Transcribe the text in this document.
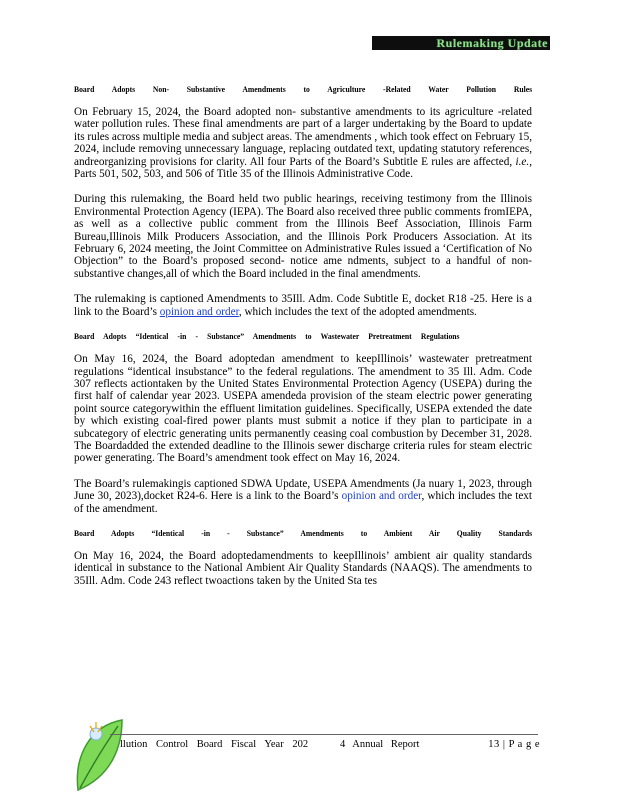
Rulemaking Update
Board Adopts Non- Substantive Amendments to Agriculture -Related Water Pollution Rules

On February 15, 2024, the Board adopted non- substantive amendments to its agriculture -related water pollution rules. These final amendments are part of a larger undertaking by the Board to update its rules across multiple media and subject areas. The amendments , which took effect on February 15, 2024, include removing unnecessary language, replacing outdated text, updating statutory references, andreorganizing provisions for clarity. All four Parts of the Board’s Subtitle E rules are affected, i.e., Parts 501, 502, 503, and 506 of Title 35 of the Illinois Administrative Code.

During this rulemaking, the Board held two public hearings, receiving testimony from the Illinois Environmental Protection Agency (IEPA). The Board also received three public comments fromIEPA, as well as a collective public comment from the Illinois Beef Association, Illinois Farm Bureau,Illinois Milk Producers Association, and the Illinois Pork Producers Association. At its February 6, 2024 meeting, the Joint Committee on Administrative Rules issued a ‘Certification of No Objection” to the Board’s proposed second- notice ame ndments, subject to a handful of non-substantive changes,all of which the Board included in the final amendments.

The rulemaking is captioned Amendments to 35Ill. Adm. Code Subtitle E, docket R18 -25. Here is a link to the Board’s opinion and order, which includes the text of the adopted amendments.

Board Adopts “Identical -in - Substance” Amendments to Wastewater Pretreatment Regulations

On May 16, 2024, the Board adoptedan amendment to keepIllinois’ wastewater pretreatment regulations “identical insubstance” to the federal regulations. The amendment to 35 Ill. Adm. Code 307 reflects actiontaken by the United States Environmental Protection Agency (USEPA) during the first half of calendar year 2023. USEPA amendeda provision of the steam electric power generating point source categorywithin the effluent limitation guidelines. Specifically, USEPA extended the date by which existing coal-fired power plants must submit a notice if they plan to participate in a subcategory of electric generating units permanently ceasing coal combustion by December 31, 2028. The Boardadded the extended deadline to the Illinois sewer discharge criteria rules for steam electric power generating. The Board’s amendment took effect on May 16, 2024.

The Board’s rulemakingis captioned SDWA Update, USEPA Amendments (Ja nuary 1, 2023, through June 30, 2023),docket R24-6. Here is a link to the Board’s opinion and order, which includes the text of the amendment.

Board Adopts “Identical -in - Substance” Amendments to Ambient Air Quality Standards

On May 16, 2024, the Board adoptedamendments to keepIllinois’ ambient air quality standards identical in substance to the National Ambient Air Quality Standards (NAAQS). The amendments to 35Ill. Adm. Code 243 reflect twoactions taken by the United Sta tes

llution Control Board Fiscal Year 202	4 Annual Report	13 | P a g e
